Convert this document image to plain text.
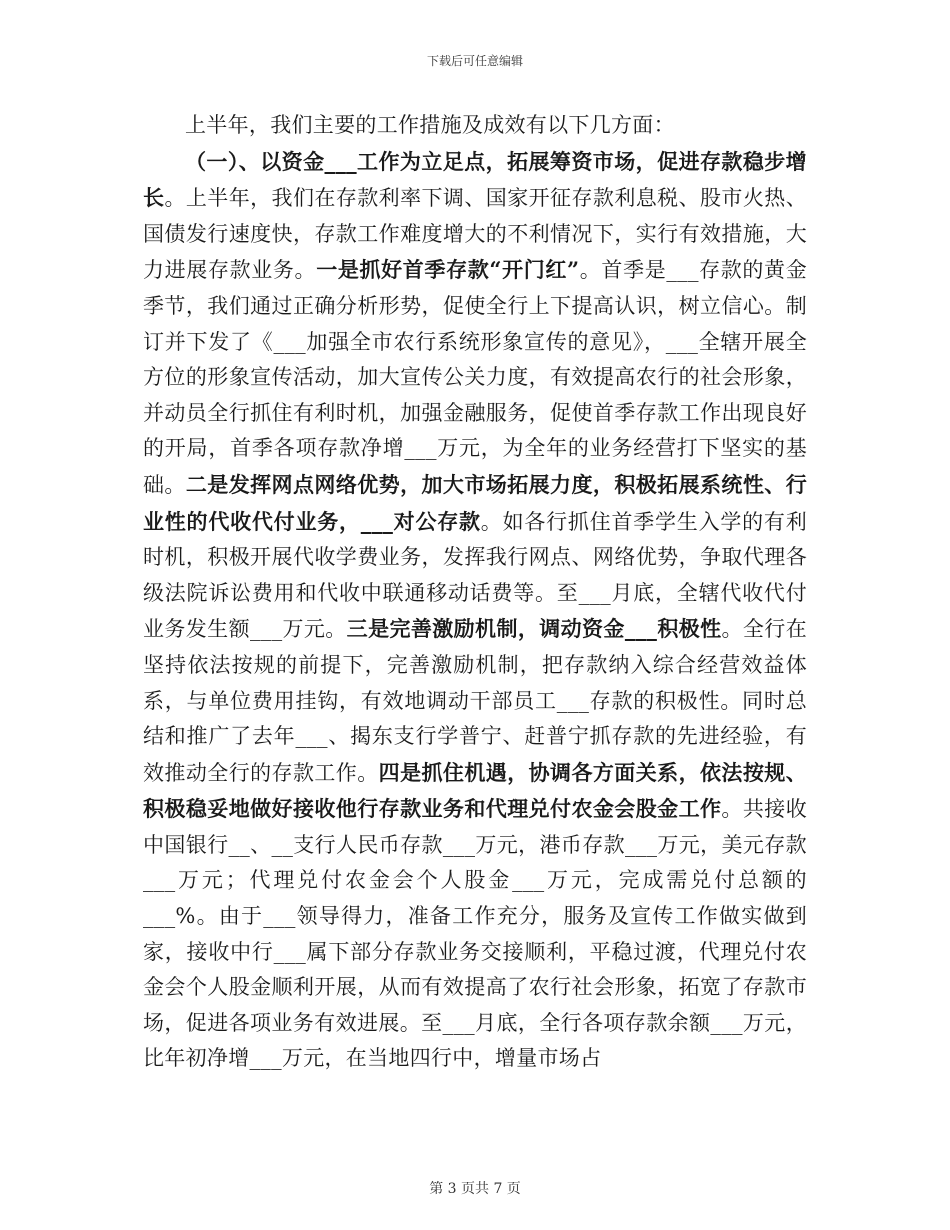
下载后可任意编辑

上半年，我们主要的工作措施及成效有以下几方面：

（一）、以资金___工作为立足点，拓展筹资市场，促进存款稳步增长。上半年，我们在存款利率下调、国家开征存款利息税、股市火热、国债发行速度快，存款工作难度增大的不利情况下，实行有效措施，大力进展存款业务。一是抓好首季存款“开门红”。首季是___存款的黄金季节，我们通过正确分析形势，促使全行上下提高认识，树立信心。制订并下发了《___加强全市农行系统形象宣传的意见》，___全辖开展全方位的形象宣传活动，加大宣传公关力度，有效提高农行的社会形象，并动员全行抓住有利时机，加强金融服务，促使首季存款工作出现良好的开局，首季各项存款净增___万元，为全年的业务经营打下坚实的基础。二是发挥网点网络优势，加大市场拓展力度，积极拓展系统性、行业性的代收代付业务，___对公存款。如各行抓住首季学生入学的有利时机，积极开展代收学费业务，发挥我行网点、网络优势，争取代理各级法院诉讼费用和代收中联通移动话费等。至___月底，全辖代收代付业务发生额___万元。三是完善激励机制，调动资金___积极性。全行在坚持依法按规的前提下，完善激励机制，把存款纳入综合经营效益体系，与单位费用挂钩，有效地调动干部员工___存款的积极性。同时总结和推广了去年___、揭东支行学普宁、赶普宁抓存款的先进经验，有效推动全行的存款工作。四是抓住机遇，协调各方面关系，依法按规、积极稳妥地做好接收他行存款业务和代理兑付农金会股金工作。共接收中国银行__、__支行人民币存款___万元，港币存款___万元，美元存款___万元；代理兑付农金会个人股金___万元，完成需兑付总额的___%。由于___领导得力，准备工作充分，服务及宣传工作做实做到家，接收中行___属下部分存款业务交接顺利，平稳过渡，代理兑付农金会个人股金顺利开展，从而有效提高了农行社会形象，拓宽了存款市场，促进各项业务有效进展。至___月底，全行各项存款余额___万元，比年初净增___万元，在当地四行中，增量市场占

第 3 页共 7 页
